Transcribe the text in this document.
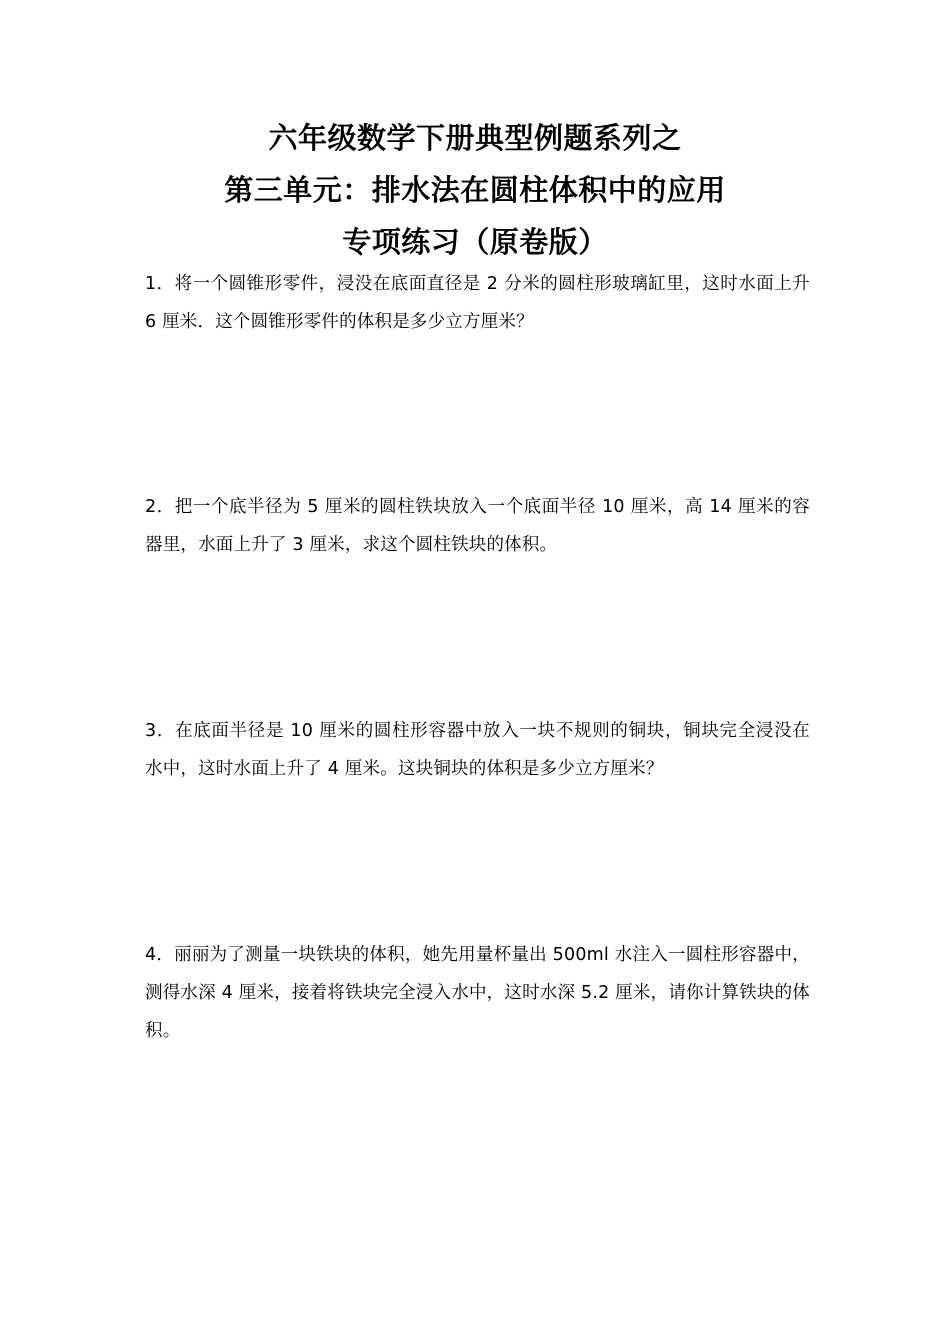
六年级数学下册典型例题系列之
第三单元：排水法在圆柱体积中的应用
专项练习（原卷版）
1．将一个圆锥形零件，浸没在底面直径是 2 分米的圆柱形玻璃缸里，这时水面上升 6 厘米．这个圆锥形零件的体积是多少立方厘米？
2．把一个底半径为 5 厘米的圆柱铁块放入一个底面半径 10 厘米，高 14 厘米的容器里，水面上升了 3 厘米，求这个圆柱铁块的体积。
3．在底面半径是 10 厘米的圆柱形容器中放入一块不规则的铜块，铜块完全浸没在水中，这时水面上升了 4 厘米。这块铜块的体积是多少立方厘米？
4．丽丽为了测量一块铁块的体积，她先用量杯量出 500ml 水注入一圆柱形容器中，测得水深 4 厘米，接着将铁块完全浸入水中，这时水深 5.2 厘米，请你计算铁块的体积。
